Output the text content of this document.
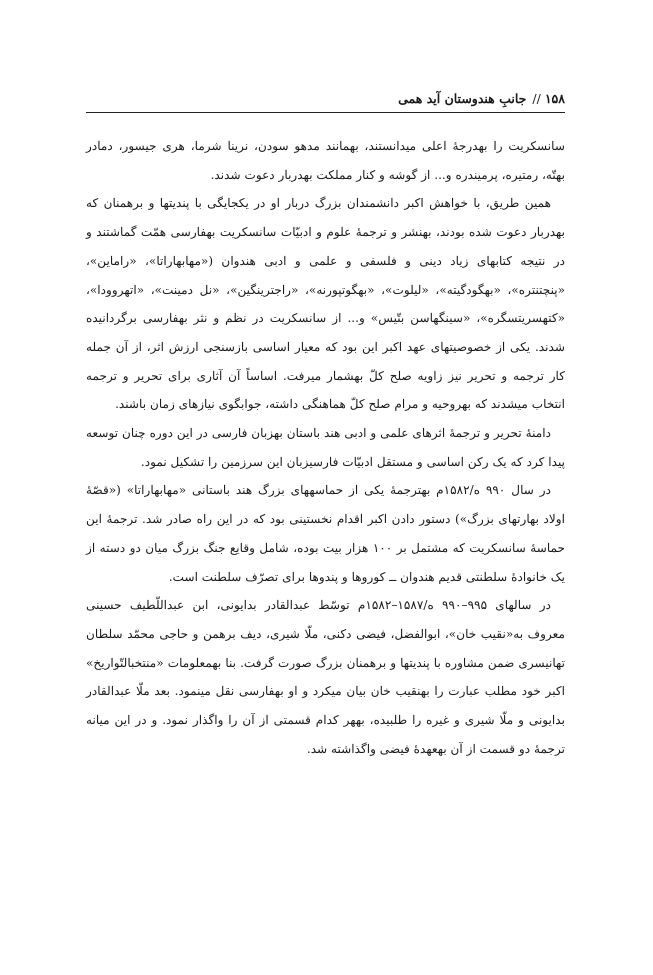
۱۵۸
//
جانبِ هندوستان آید همی

سانسکریت را بهدرجهٔ اعلی میدانستند، بهمانند مدهو سودن، نرینا شرما، هری جیسور، دمادر بهتّه، رمتیره، پرمیندره و... از گوشه و کنار مملکت بهدربار دعوت شدند.

همین طریق، با خواهش اکبر دانشمندان بزرگ دربار او در یکجایگی با پندیتها و برهمنان که بهدربار دعوت شده بودند، بهنشر و ترجمهٔ علوم و ادبیّات سانسکریت بهفارسی همّت گماشتند و در نتیجه کتابهای زیاد دینی و فلسفی و علمی و ادبی هندوان («مهابهاراتا»، «راماین»، «پنچتنتره»، «بهگودگیته»، «لیلوت»، «بهگوتپورنه»، «راجترینگین»، «نل دمینت»، «اتهروودا»، «کتهسریتسگره»، «سینگهاسن بتّیس» و... از سانسکریت در نظم و نثر بهفارسی برگردانیده شدند. یکی از خصوصیتهای عهد اکبر این بود که معیار اساسی بازسنجی ارزش اثر، از آن جمله کار ترجمه و تحریر نیز زاویه صلح کلّ بهشمار میرفت. اساساً آن آثاری برای تحریر و ترجمه انتخاب میشدند که بهروحیه و مرام صلح کلّ هماهنگی داشته، جوابگوی نیازهای زمان باشند.

دامنهٔ تحریر و ترجمهٔ اثرهای علمی و ادبی هند باستان بهزبان فارسی در این دوره چنان توسعه پیدا کرد که یک رکن اساسی و مستقل ادبیّات فارسیزبان این سرزمین را تشکیل نمود.

در سال ۹۹۰ ه/۱۵۸۲م بهترجمهٔ یکی از حماسههای بزرگ هند باستانی «مهابهاراتا» («قصّهٔ اولاد بهارتهای بزرگ») دستور دادن اکبر اقدام نخستینی بود که در این راه صادر شد. ترجمهٔ این حماسهٔ سانسکریت که مشتمل بر ۱۰۰ هزار بیت بوده، شامل وقایع جنگ بزرگ میان دو دسته از یک خانوادهٔ سلطنتی قدیم هندوان ــ کوروها و پندوها برای تصرّف سلطنت است.

در سالهای ۹۹۵–۹۹۰ ه/۱۵۸۷–۱۵۸۲م توسّط عبدالقادر بدایونی، ابن عبداللّطیف حسینی معروف به«نقیب خان»، ابوالفضل، فیضی دکنی، ملّا شیری، دیف برهمن و حاجی محمّد سلطان تهانیسری ضمن مشاوره با پندیتها و برهمنان بزرگ صورت گرفت. بنا بهمعلومات «منتخبالتّواریخ» اکبر خود مطلب عبارت را بهنقیب خان بیان میکرد و او بهفارسی نقل مینمود. بعد ملّا عبدالقادر بدایونی و ملّا شیری و غیره را طلبیده، بههر کدام قسمتی از آن را واگذار نمود. و در این میانه ترجمهٔ دو قسمت از آن بهعهدهٔ فیضی واگذاشته شد.
